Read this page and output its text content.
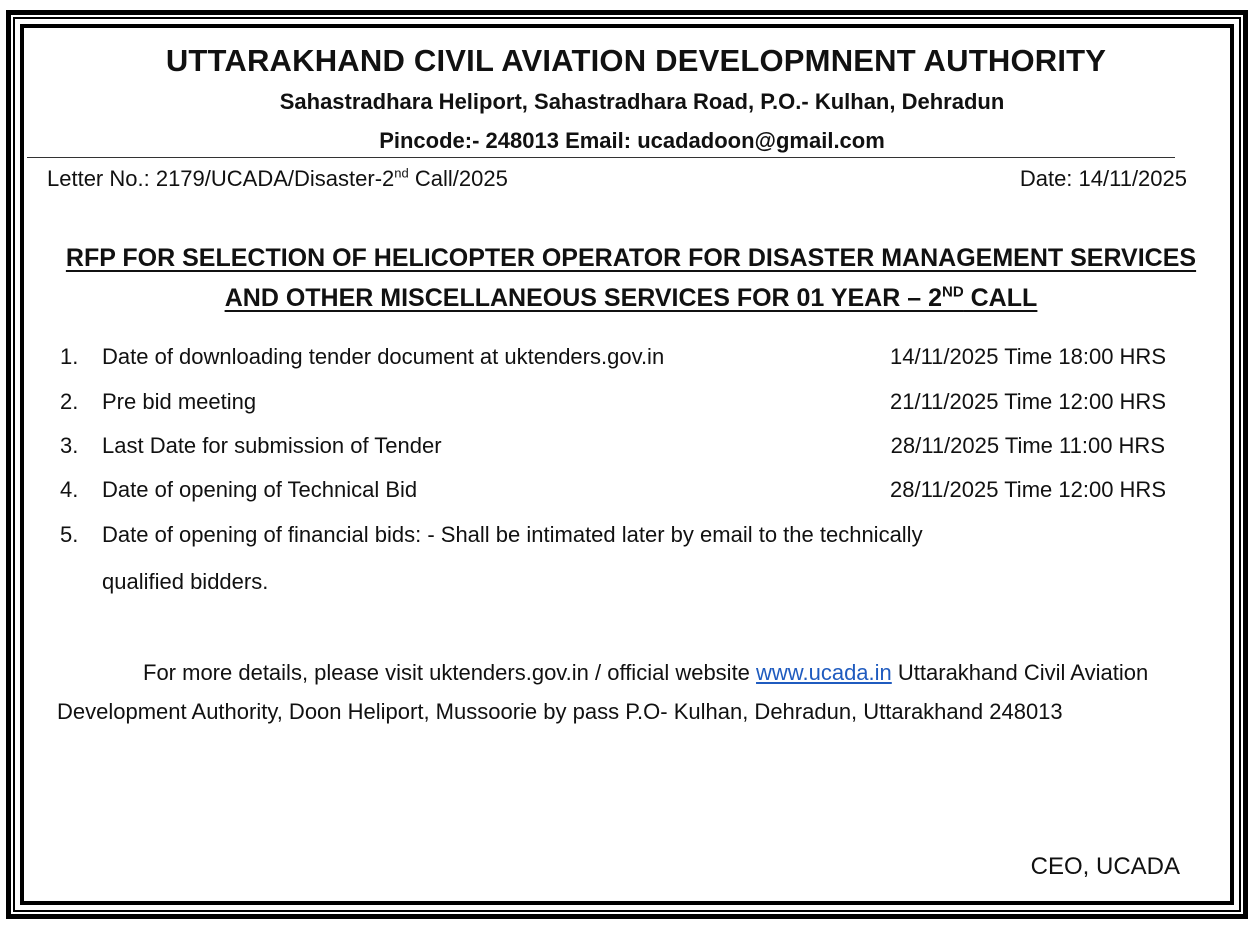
UTTARAKHAND CIVIL AVIATION DEVELOPMNENT AUTHORITY
Sahastradhara Heliport, Sahastradhara Road, P.O.- Kulhan, Dehradun
Pincode:- 248013 Email: ucadadoon@gmail.com
Letter No.: 2179/UCADA/Disaster-2nd Call/2025	Date: 14/11/2025
RFP FOR SELECTION OF HELICOPTER OPERATOR FOR DISASTER MANAGEMENT SERVICES
AND OTHER MISCELLANEOUS SERVICES FOR 01 YEAR – 2ND CALL
1.	Date of downloading tender document at uktenders.gov.in	14/11/2025 Time 18:00 HRS
2.	Pre bid meeting	21/11/2025 Time 12:00 HRS
3.	Last Date for submission of Tender	28/11/2025 Time 11:00 HRS
4.	Date of opening of Technical Bid	28/11/2025 Time 12:00 HRS
5.	Date of opening of financial bids: - Shall be intimated later by email to the technically
qualified bidders.
For more details, please visit uktenders.gov.in / official website www.ucada.in Uttarakhand Civil Aviation Development Authority, Doon Heliport, Mussoorie by pass P.O- Kulhan, Dehradun, Uttarakhand 248013
CEO, UCADA
